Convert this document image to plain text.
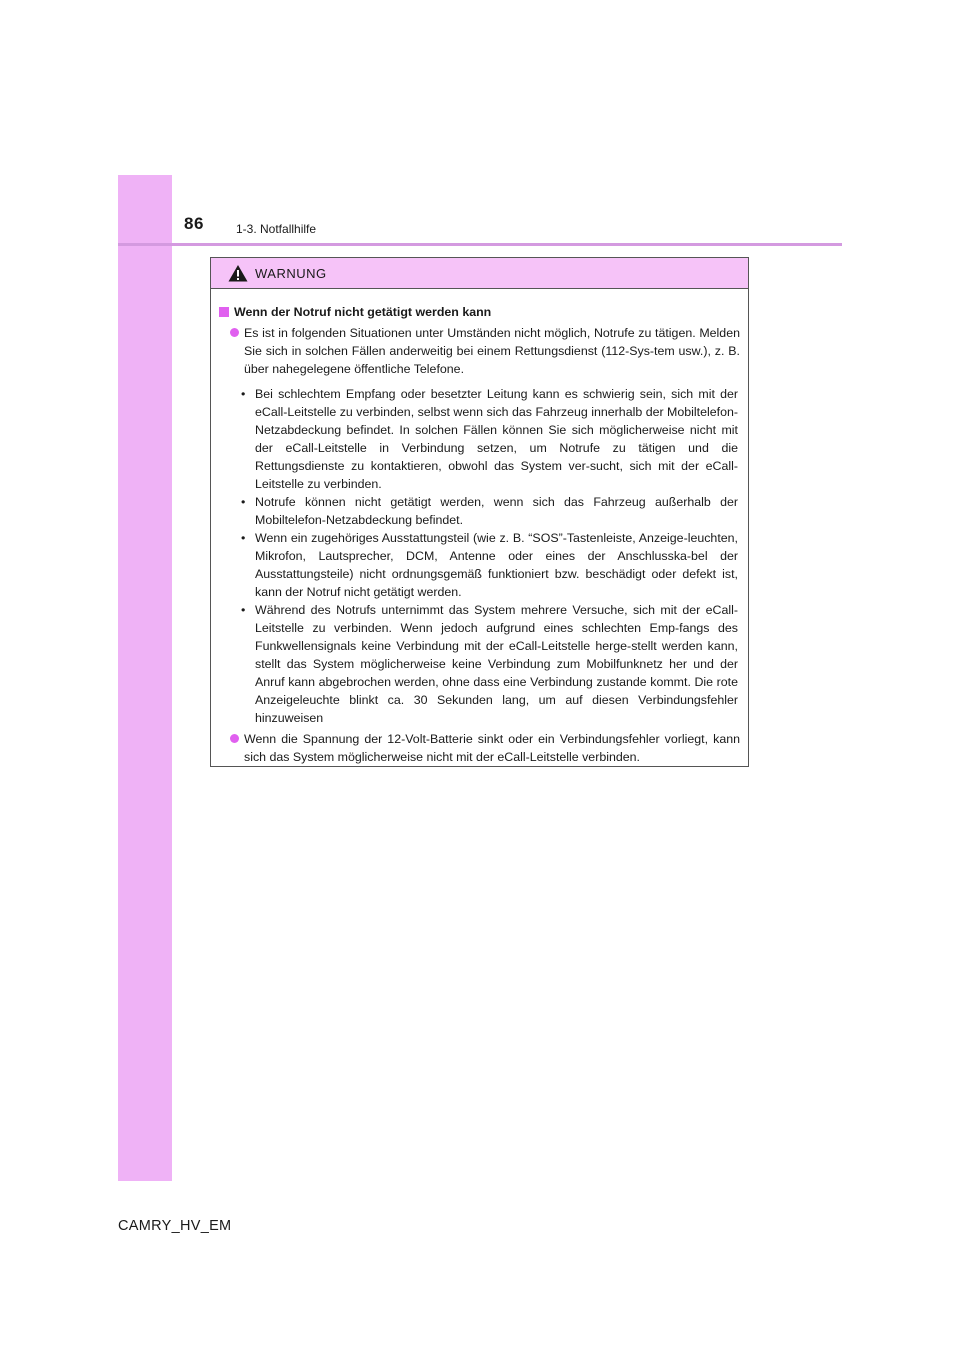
86	1-3. Notfallhilfe
WARNUNG
Wenn der Notruf nicht getätigt werden kann
Es ist in folgenden Situationen unter Umständen nicht möglich, Notrufe zu tätigen. Melden Sie sich in solchen Fällen anderweitig bei einem Rettungsdienst (112-Sys-tem usw.), z. B. über nahegelegene öffentliche Telefone.
• Bei schlechtem Empfang oder besetzter Leitung kann es schwierig sein, sich mit der eCall-Leitstelle zu verbinden, selbst wenn sich das Fahrzeug innerhalb der Mobiltelefon-Netzabdeckung befindet. In solchen Fällen können Sie sich möglicherweise nicht mit der eCall-Leitstelle in Verbindung setzen, um Notrufe zu tätigen und die Rettungsdienste zu kontaktieren, obwohl das System ver-sucht, sich mit der eCall-Leitstelle zu verbinden.
• Notrufe können nicht getätigt werden, wenn sich das Fahrzeug außerhalb der Mobiltelefon-Netzabdeckung befindet.
• Wenn ein zugehöriges Ausstattungsteil (wie z. B. “SOS”-Tastenleiste, Anzeige-leuchten, Mikrofon, Lautsprecher, DCM, Antenne oder eines der Anschlusska-bel der Ausstattungsteile) nicht ordnungsgemäß funktioniert bzw. beschädigt oder defekt ist, kann der Notruf nicht getätigt werden.
• Während des Notrufs unternimmt das System mehrere Versuche, sich mit der eCall-Leitstelle zu verbinden. Wenn jedoch aufgrund eines schlechten Emp-fangs des Funkwellensignals keine Verbindung mit der eCall-Leitstelle herge-stellt werden kann, stellt das System möglicherweise keine Verbindung zum Mobilfunknetz her und der Anruf kann abgebrochen werden, ohne dass eine Verbindung zustande kommt. Die rote Anzeigeleuchte blinkt ca. 30 Sekunden lang, um auf diesen Verbindungsfehler hinzuweisen
Wenn die Spannung der 12-Volt-Batterie sinkt oder ein Verbindungsfehler vorliegt, kann sich das System möglicherweise nicht mit der eCall-Leitstelle verbinden.
CAMRY_HV_EM
